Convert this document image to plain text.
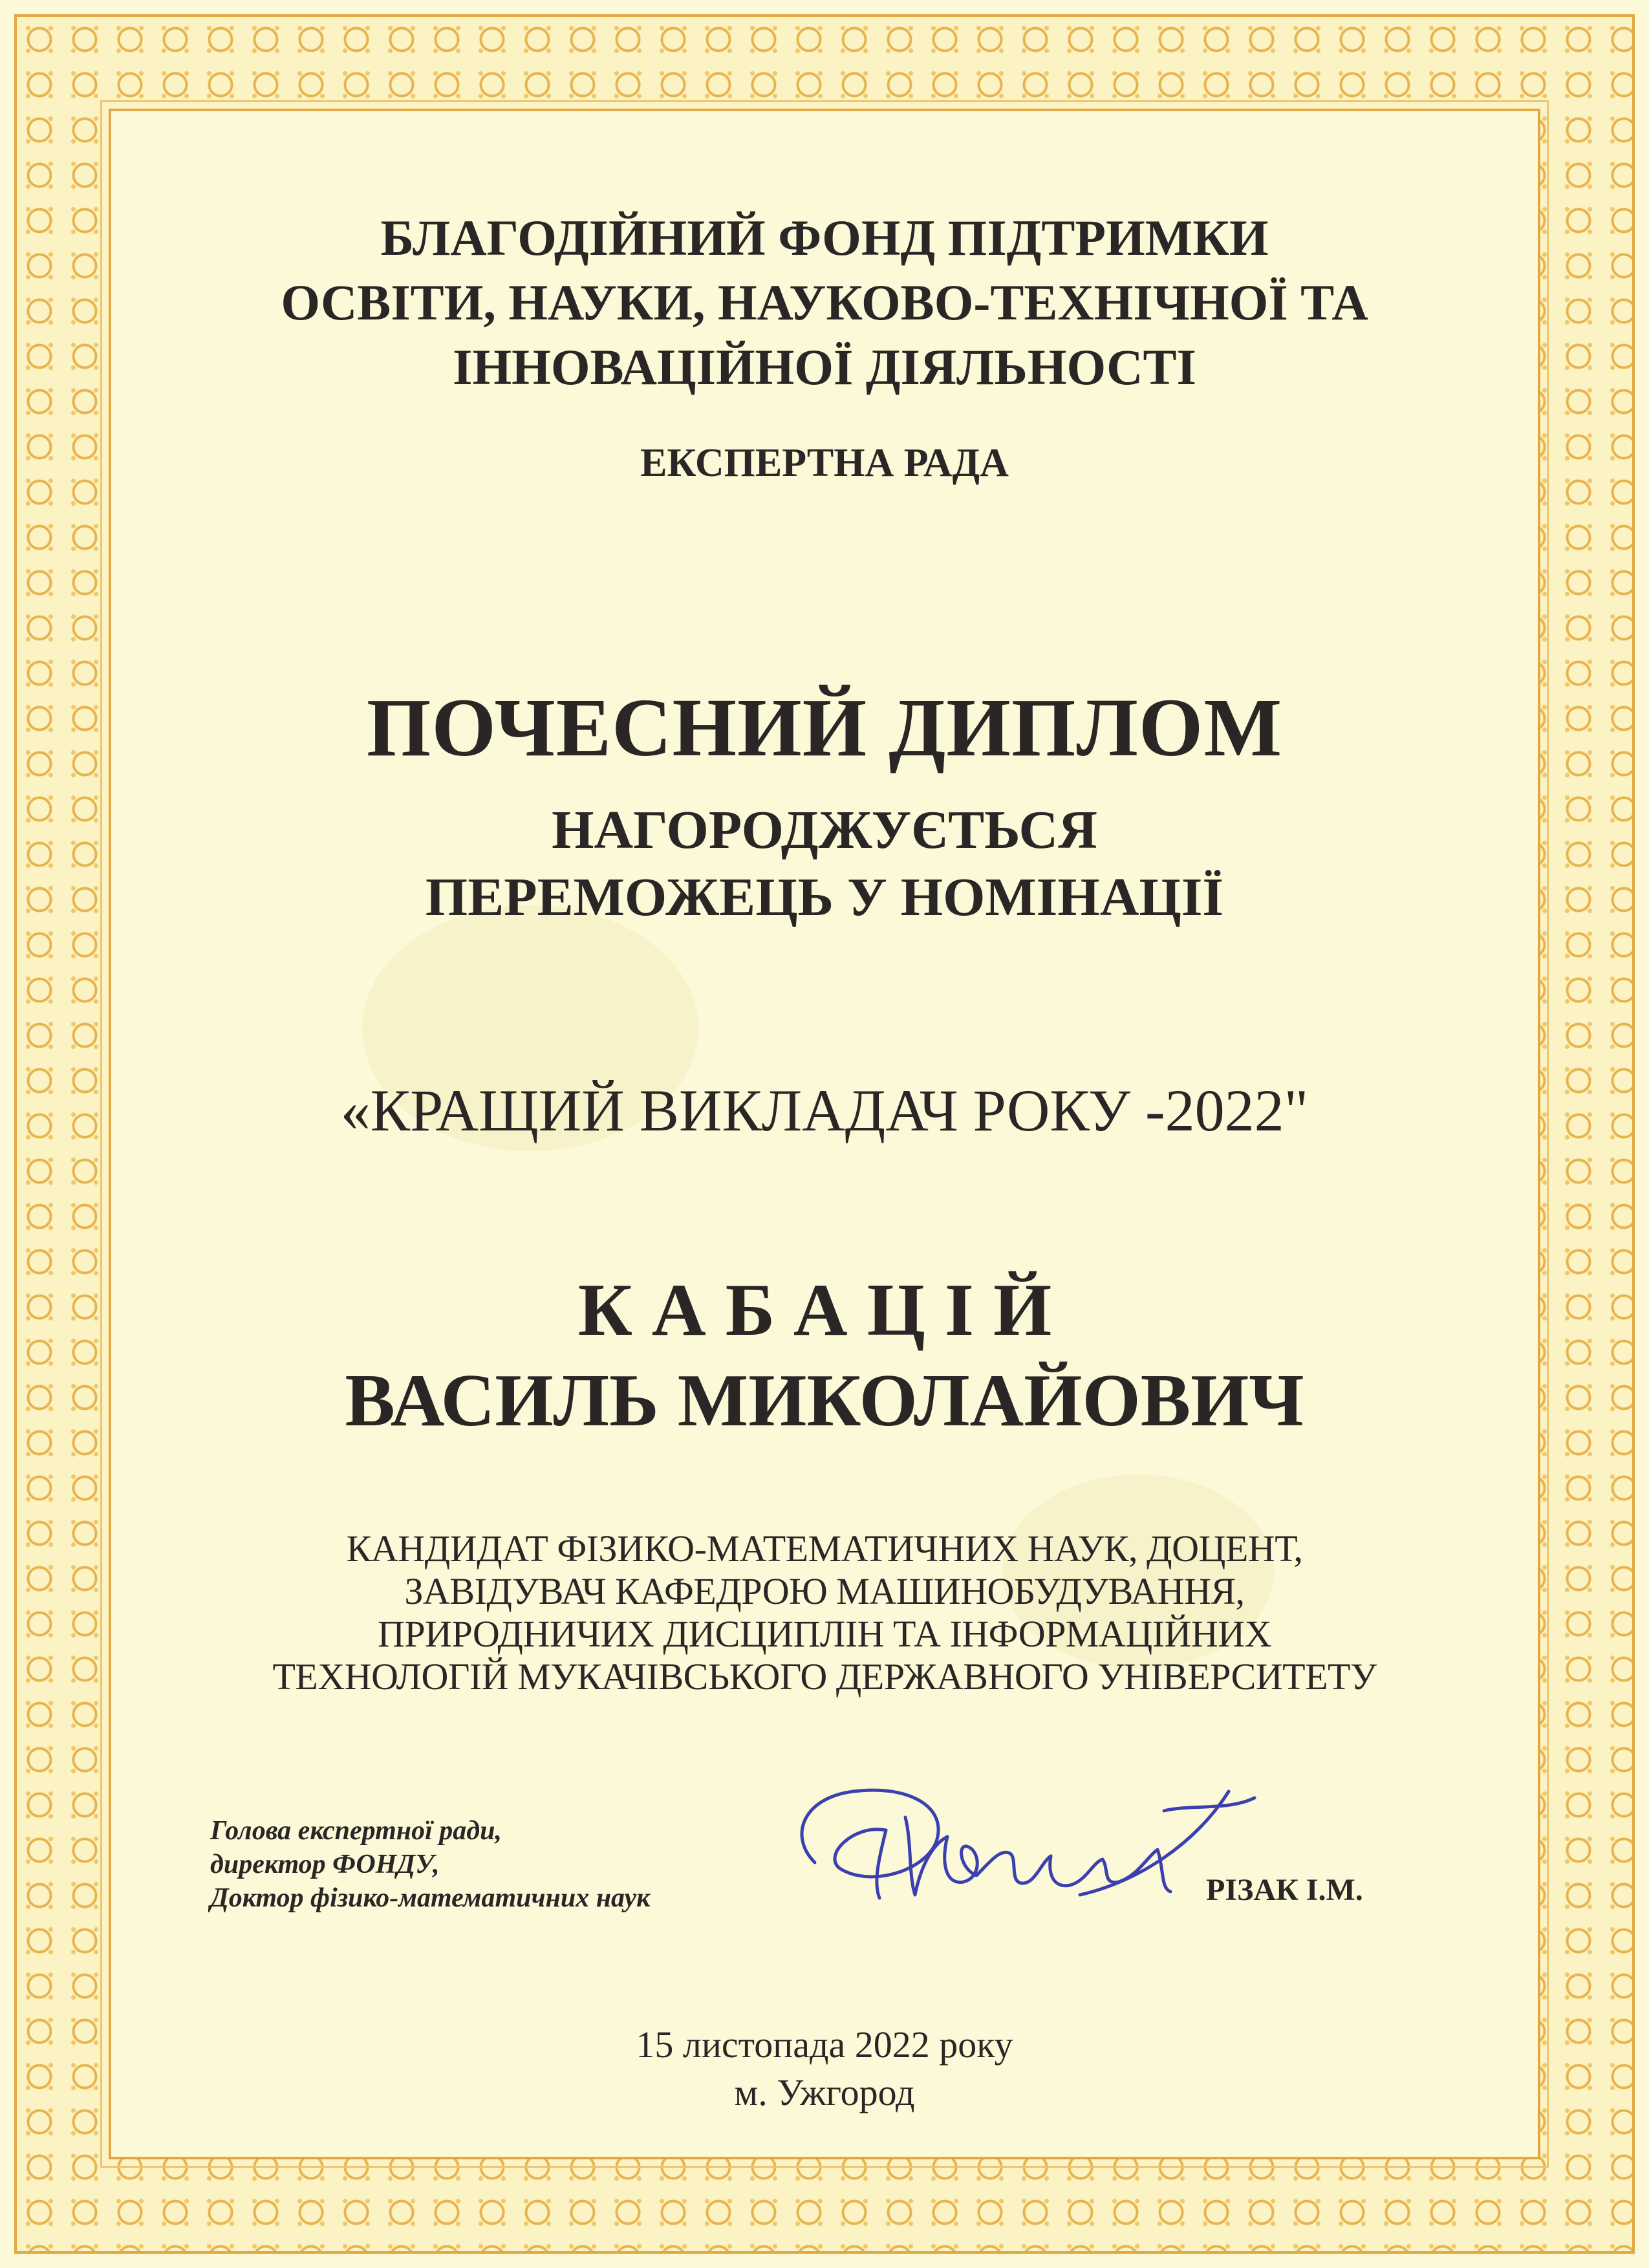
БЛАГОДІЙНИЙ ФОНД ПІДТРИМКИ
ОСВІТИ, НАУКИ, НАУКОВО-ТЕХНІЧНОЇ ТА
ІННОВАЦІЙНОЇ ДІЯЛЬНОСТІ
ЕКСПЕРТНА РАДА
ПОЧЕСНИЙ ДИПЛОМ
НАГОРОДЖУЄТЬСЯ
ПЕРЕМОЖЕЦЬ У НОМІНАЦІЇ
«КРАЩИЙ ВИКЛАДАЧ РОКУ -2022"
КАБАЦІЙ
ВАСИЛЬ МИКОЛАЙОВИЧ
КАНДИДАТ ФІЗИКО-МАТЕМАТИЧНИХ НАУК, ДОЦЕНТ,
ЗАВІДУВАЧ КАФЕДРОЮ МАШИНОБУДУВАННЯ,
ПРИРОДНИЧИХ ДИСЦИПЛІН ТА ІНФОРМАЦІЙНИХ
ТЕХНОЛОГІЙ МУКАЧІВСЬКОГО ДЕРЖАВНОГО УНІВЕРСИТЕТУ
Голова експертної ради,
директор ФОНДУ,
Доктор фізико-математичних наук	РІЗАК І.М.
15 листопада 2022 року
м. Ужгород
